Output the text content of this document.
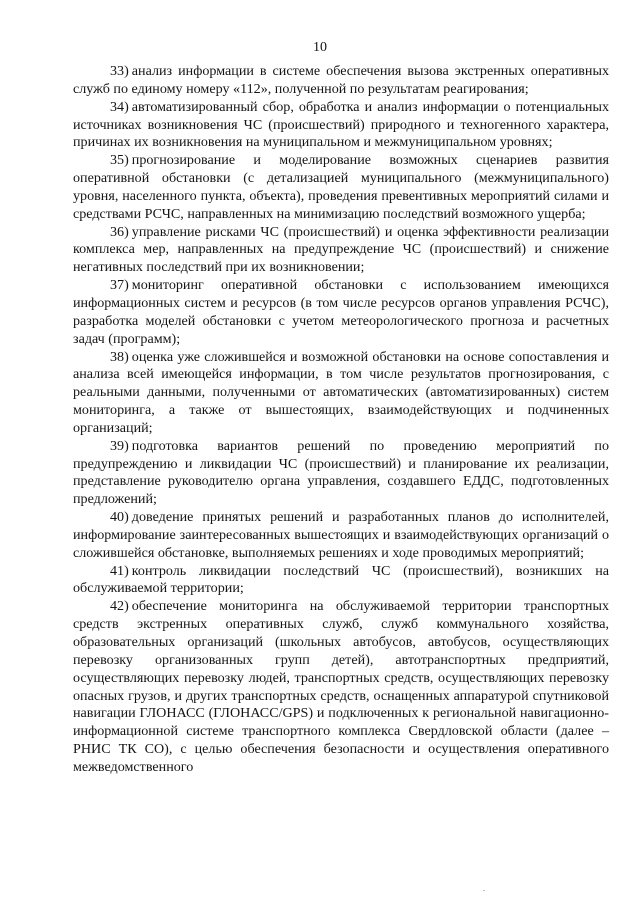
10

33) анализ информации в системе обеспечения вызова экстренных оперативных служб по единому номеру «112», полученной по результатам реагирования;

34) автоматизированный сбор, обработка и анализ информации о потенциальных источниках возникновения ЧС (происшествий) природного и техногенного характера, причинах их возникновения на муниципальном и межмуниципальном уровнях;

35) прогнозирование и моделирование возможных сценариев развития оперативной обстановки (с детализацией муниципального (межмуниципального) уровня, населенного пункта, объекта), проведения превентивных мероприятий силами и средствами РСЧС, направленных на минимизацию последствий возможного ущерба;

36) управление рисками ЧС (происшествий) и оценка эффективности реализации комплекса мер, направленных на предупреждение ЧС (происшествий) и снижение негативных последствий при их возникновении;

37) мониторинг оперативной обстановки с использованием имеющихся информационных систем и ресурсов (в том числе ресурсов органов управления РСЧС), разработка моделей обстановки с учетом метеорологического прогноза и расчетных задач (программ);

38) оценка уже сложившейся и возможной обстановки на основе сопоставления и анализа всей имеющейся информации, в том числе результатов прогнозирования, с реальными данными, полученными от автоматических (автоматизированных) систем мониторинга, а также от вышестоящих, взаимодействующих и подчиненных организаций;

39) подготовка вариантов решений по проведению мероприятий по предупреждению и ликвидации ЧС (происшествий) и планирование их реализации, представление руководителю органа управления, создавшего ЕДДС, подготовленных предложений;

40) доведение принятых решений и разработанных планов до исполнителей, информирование заинтересованных вышестоящих и взаимодействующих организаций о сложившейся обстановке, выполняемых решениях и ходе проводимых мероприятий;

41) контроль ликвидации последствий ЧС (происшествий), возникших на обслуживаемой территории;

42) обеспечение мониторинга на обслуживаемой территории транспортных средств экстренных оперативных служб, служб коммунального хозяйства, образовательных организаций (школьных автобусов, автобусов, осуществляющих перевозку организованных групп детей), автотранспортных предприятий, осуществляющих перевозку людей, транспортных средств, осуществляющих перевозку опасных грузов, и других транспортных средств, оснащенных аппаратурой спутниковой навигации ГЛОНАСС (ГЛОНАСС/GPS) и подключенных к региональной навигационно-информационной системе транспортного комплекса Свердловской области (далее – РНИС ТК СО), с целью обеспечения безопасности и осуществления оперативного межведомственного
